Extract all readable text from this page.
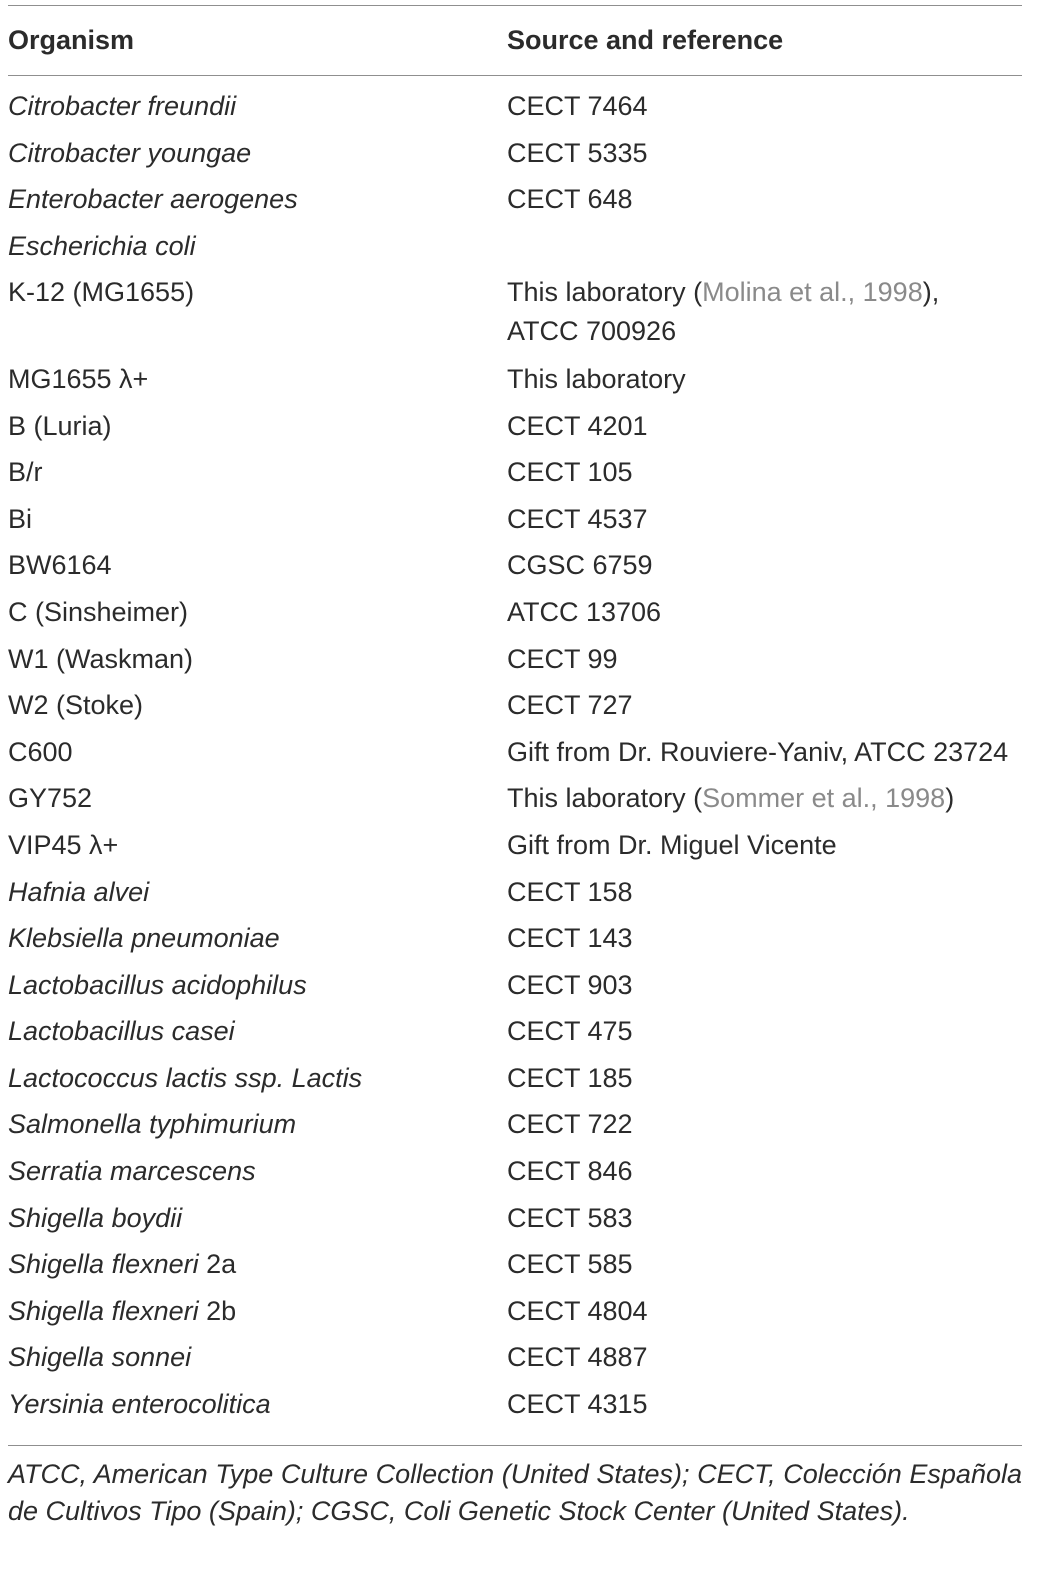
Organism	Source and reference
Citrobacter freundii	CECT 7464
Citrobacter youngae	CECT 5335
Enterobacter aerogenes	CECT 648
Escherichia coli
K-12 (MG1655)	This laboratory (Molina et al., 1998),
ATCC 700926
MG1655 λ+	This laboratory
B (Luria)	CECT 4201
B/r	CECT 105
Bi	CECT 4537
BW6164	CGSC 6759
C (Sinsheimer)	ATCC 13706
W1 (Waskman)	CECT 99
W2 (Stoke)	CECT 727
C600	Gift from Dr. Rouviere-Yaniv, ATCC 23724
GY752	This laboratory (Sommer et al., 1998)
VIP45 λ+	Gift from Dr. Miguel Vicente
Hafnia alvei	CECT 158
Klebsiella pneumoniae	CECT 143
Lactobacillus acidophilus	CECT 903
Lactobacillus casei	CECT 475
Lactococcus lactis ssp. Lactis	CECT 185
Salmonella typhimurium	CECT 722
Serratia marcescens	CECT 846
Shigella boydii	CECT 583
Shigella flexneri 2a	CECT 585
Shigella flexneri 2b	CECT 4804
Shigella sonnei	CECT 4887
Yersinia enterocolitica	CECT 4315
ATCC, American Type Culture Collection (United States); CECT, Colección Española de Cultivos Tipo (Spain); CGSC, Coli Genetic Stock Center (United States).
